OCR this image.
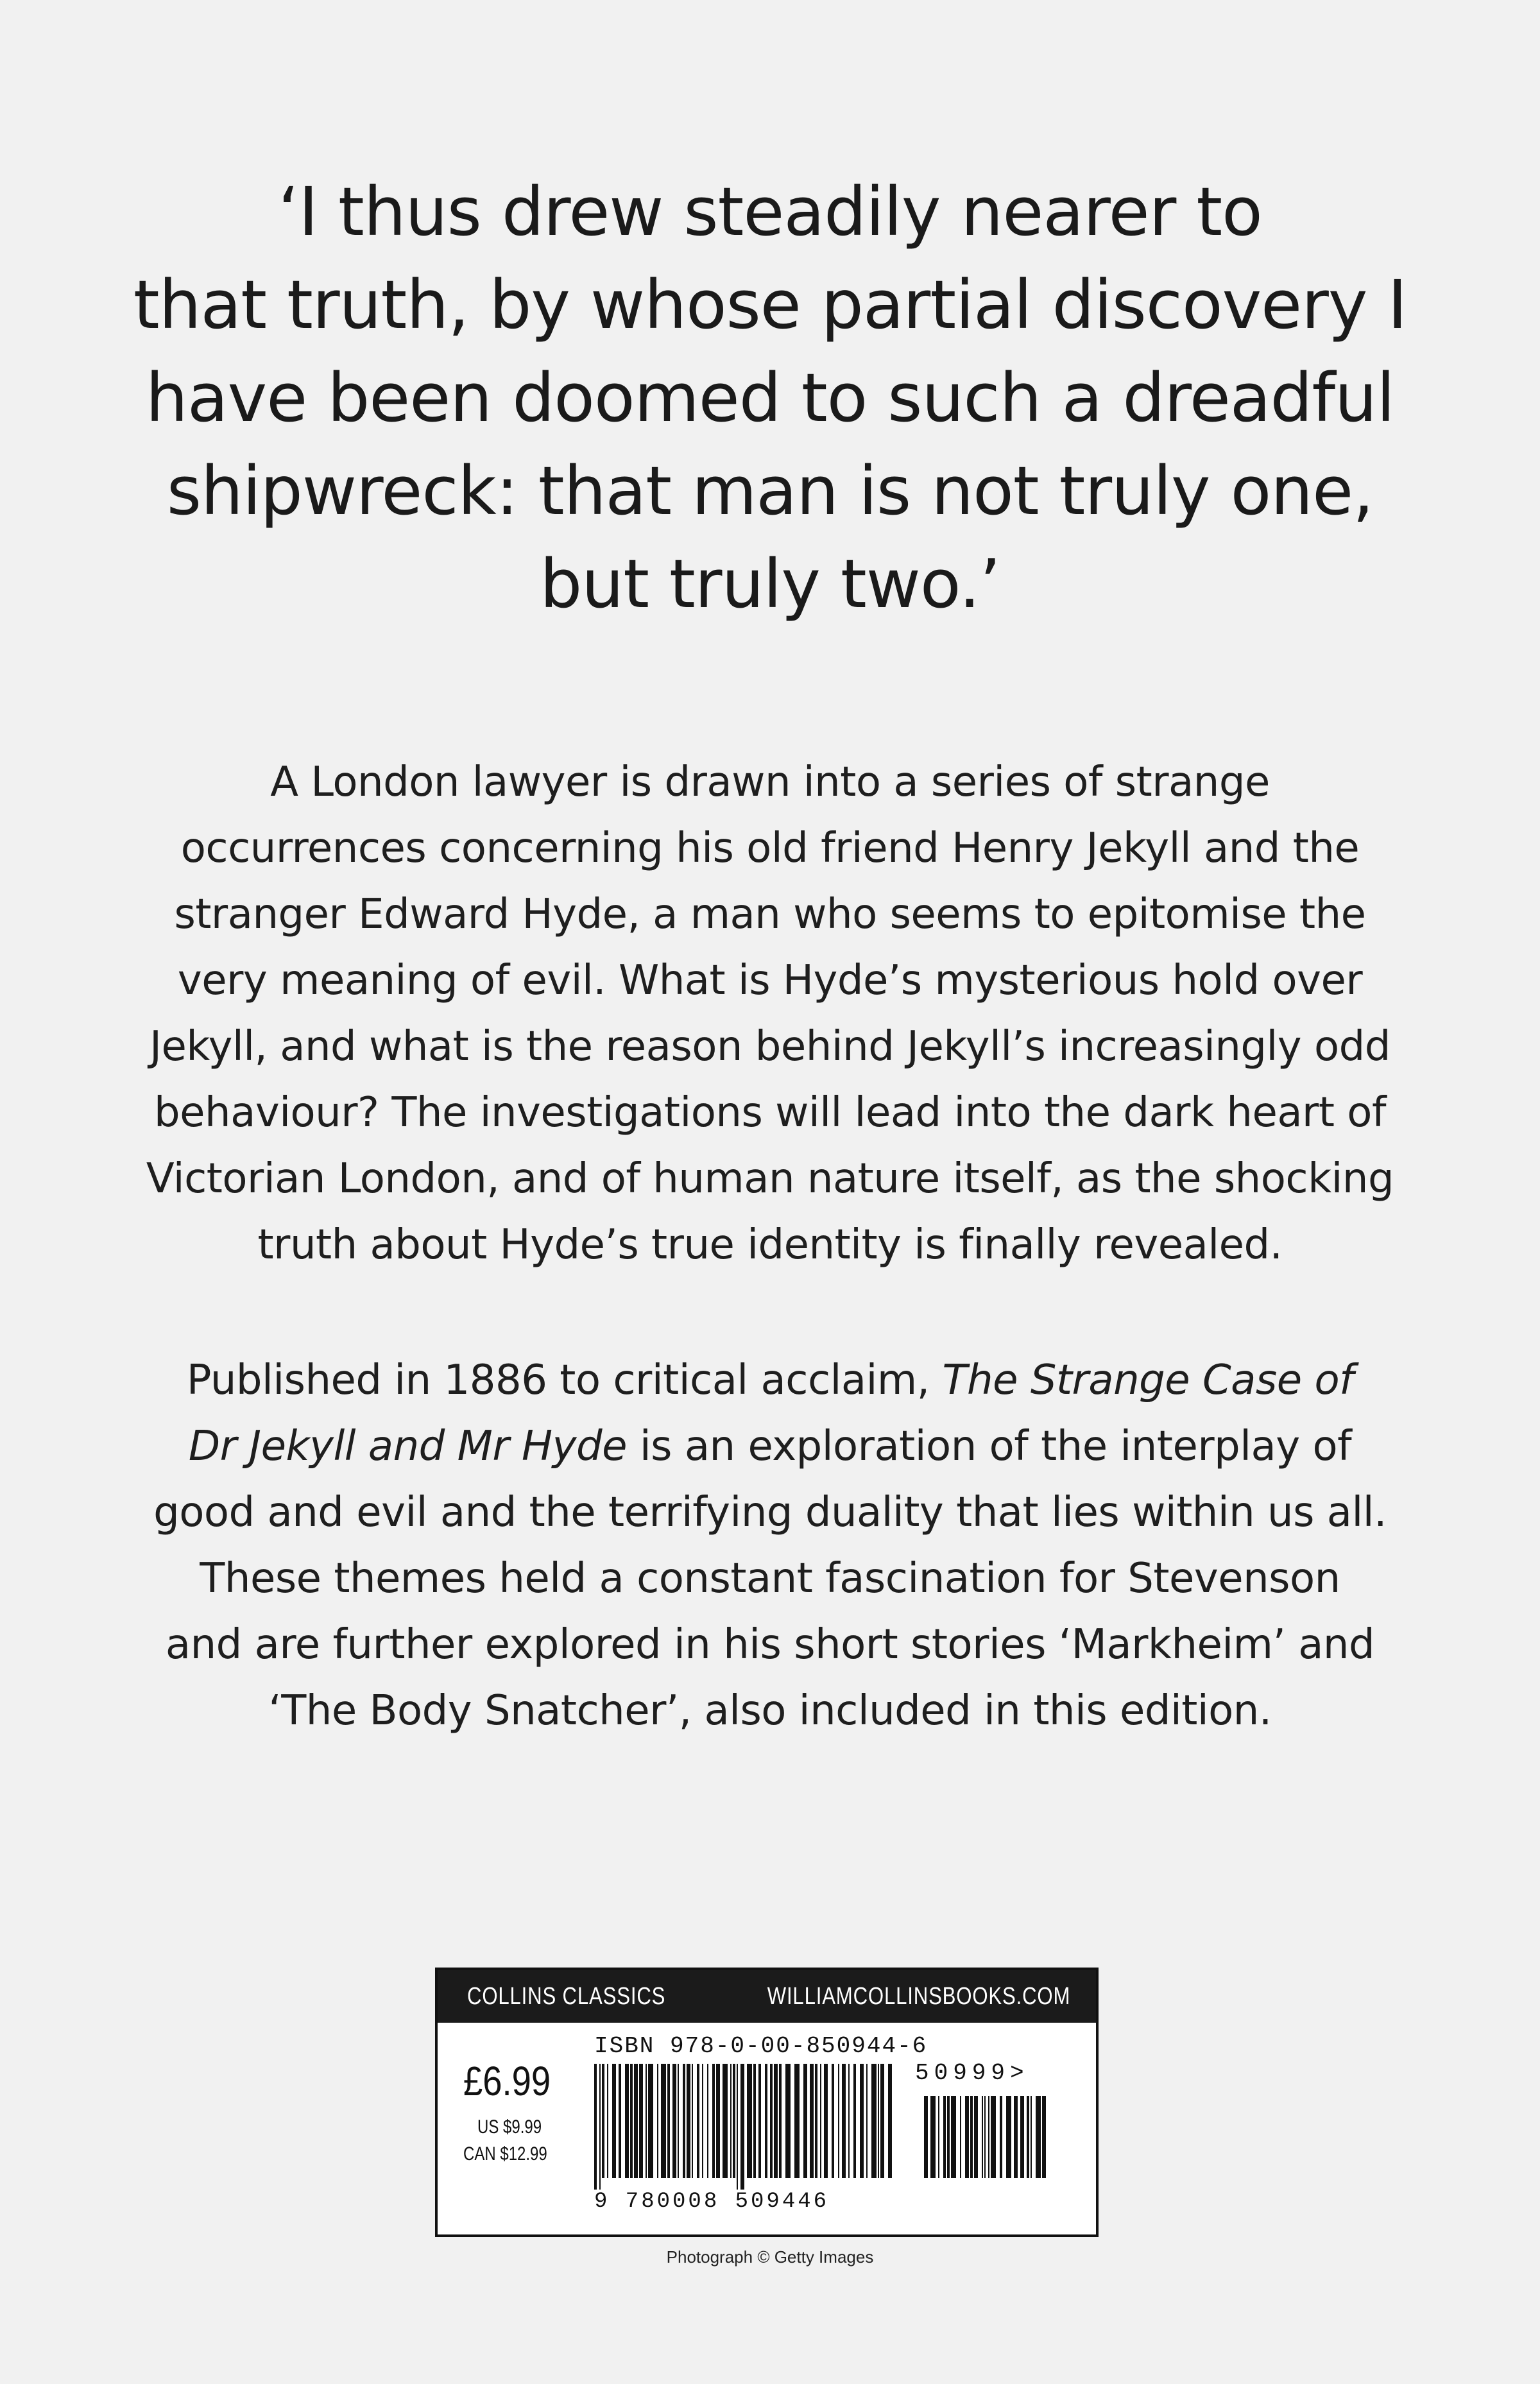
‘I thus drew steadily nearer to
that truth, by whose partial discovery I
have been doomed to such a dreadful
shipwreck: that man is not truly one,
but truly two.’
A London lawyer is drawn into a series of strange
occurrences concerning his old friend Henry Jekyll and the
stranger Edward Hyde, a man who seems to epitomise the
very meaning of evil. What is Hyde’s mysterious hold over
Jekyll, and what is the reason behind Jekyll’s increasingly odd
behaviour? The investigations will lead into the dark heart of
Victorian London, and of human nature itself, as the shocking
truth about Hyde’s true identity is finally revealed.
Published in 1886 to critical acclaim, The Strange Case of
Dr Jekyll and Mr Hyde is an exploration of the interplay of
good and evil and the terrifying duality that lies within us all.
These themes held a constant fascination for Stevenson
and are further explored in his short stories ‘Markheim’ and
‘The Body Snatcher’, also included in this edition.
COLLINS CLASSICS	WILLIAMCOLLINSBOOKS.COM
£6.99
US $9.99
CAN $12.99
ISBN 978-0-00-850944-6
9 780008 509446
50999>
Photograph © Getty Images
